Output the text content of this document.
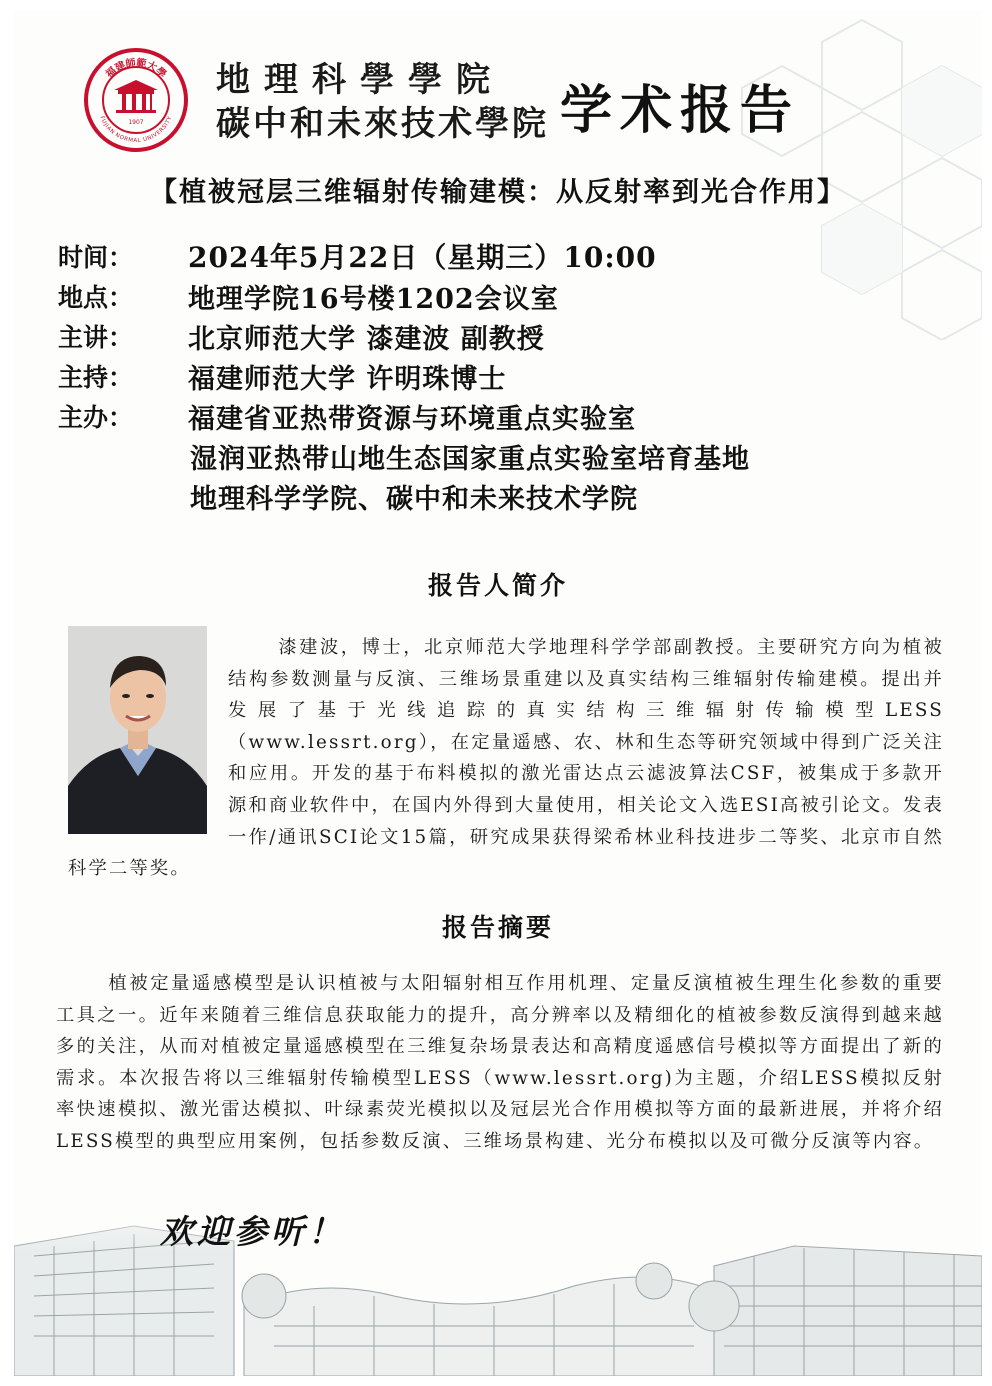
福建師範大學
FUJIAN NORMAL UNIVERSITY
1907
地理科學學院
碳中和未來技术學院 学术报告
【植被冠层三维辐射传输建模：从反射率到光合作用】
时间：	2024年5月22日（星期三）10:00
地点：	地理学院16号楼1202会议室
主讲：	北京师范大学 漆建波 副教授
主持：	福建师范大学 许明珠博士
主办：	福建省亚热带资源与环境重点实验室
湿润亚热带山地生态国家重点实验室培育基地
地理科学学院、碳中和未来技术学院
报告人简介
漆建波，博士，北京师范大学地理科学学部副教授。主要研究方向为植被结构参数测量与反演、三维场景重建以及真实结构三维辐射传输建模。提出并发展了基于光线追踪的真实结构三维辐射传输模型LESS（www.lessrt.org），在定量遥感、农、林和生态等研究领域中得到广泛关注和应用。开发的基于布料模拟的激光雷达点云滤波算法CSF，被集成于多款开源和商业软件中，在国内外得到大量使用，相关论文入选ESI高被引论文。发表一作/通讯SCI论文15篇，研究成果获得梁希林业科技进步二等奖、北京市自然科学二等奖。
报告摘要
植被定量遥感模型是认识植被与太阳辐射相互作用机理、定量反演植被生理生化参数的重要工具之一。近年来随着三维信息获取能力的提升，高分辨率以及精细化的植被参数反演得到越来越多的关注，从而对植被定量遥感模型在三维复杂场景表达和高精度遥感信号模拟等方面提出了新的需求。本次报告将以三维辐射传输模型LESS（www.lessrt.org)为主题，介绍LESS模拟反射率快速模拟、激光雷达模拟、叶绿素荧光模拟以及冠层光合作用模拟等方面的最新进展，并将介绍LESS模型的典型应用案例，包括参数反演、三维场景构建、光分布模拟以及可微分反演等内容。
欢迎参听！
